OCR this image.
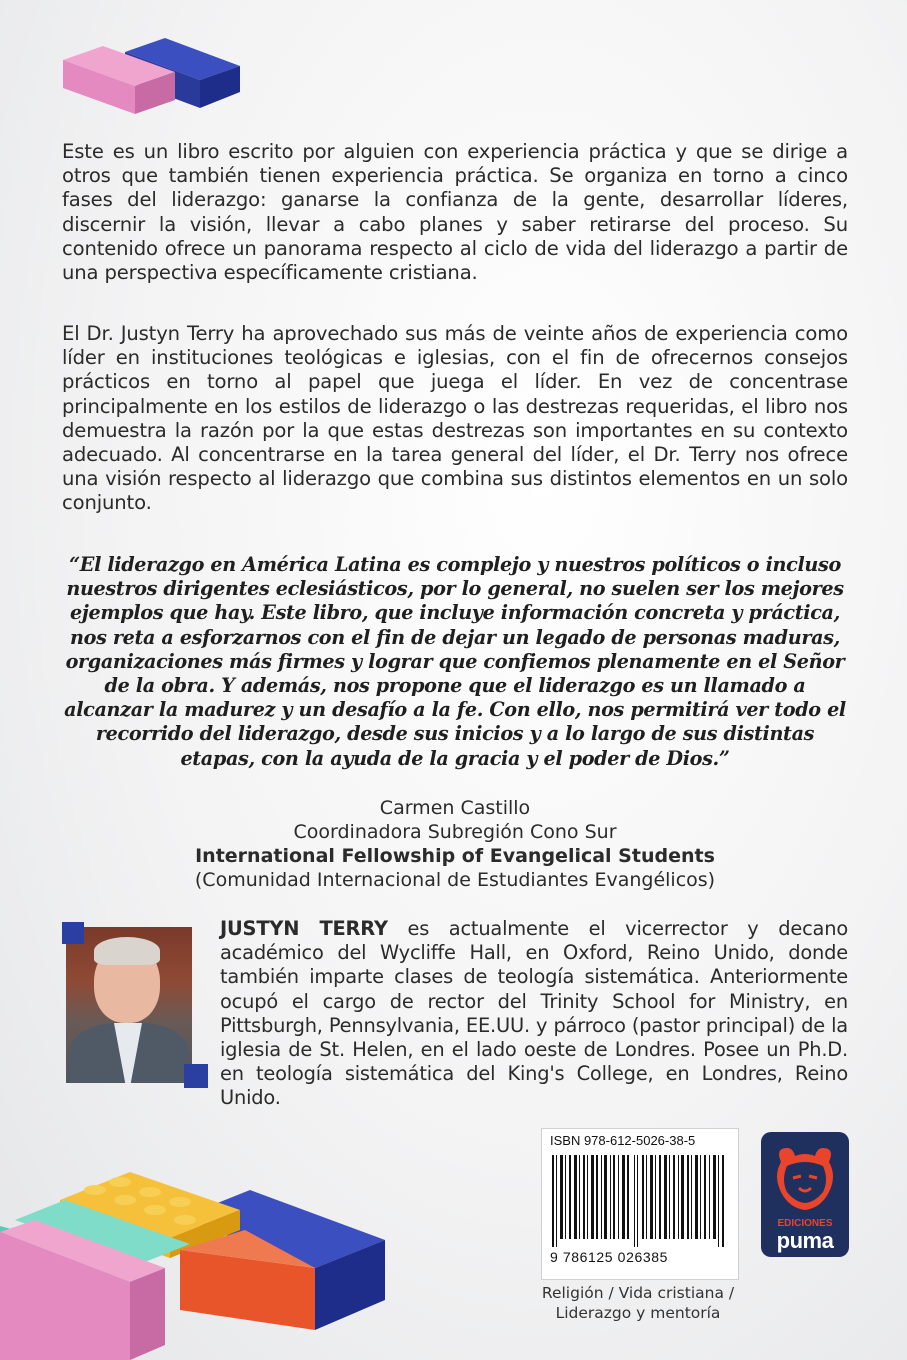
Este es un libro escrito por alguien con experiencia práctica y que se dirige a otros que también tienen experiencia práctica. Se organiza en torno a cinco fases del liderazgo: ganarse la confianza de la gente, desarrollar líderes, discernir la visión, llevar a cabo planes y saber retirarse del proceso. Su contenido ofrece un panorama respecto al ciclo de vida del liderazgo a partir de una perspectiva específicamente cristiana.

El Dr. Justyn Terry ha aprovechado sus más de veinte años de experiencia como líder en instituciones teológicas e iglesias, con el fin de ofrecernos consejos prácticos en torno al papel que juega el líder. En vez de concentrase principalmente en los estilos de liderazgo o las destrezas requeridas, el libro nos demuestra la razón por la que estas destrezas son importantes en su contexto adecuado. Al concentrarse en la tarea general del líder, el Dr. Terry nos ofrece una visión respecto al liderazgo que combina sus distintos elementos en un solo conjunto.

“El liderazgo en América Latina es complejo y nuestros políticos o incluso nuestros dirigentes eclesiásticos, por lo general, no suelen ser los mejores ejemplos que hay. Este libro, que incluye información concreta y práctica, nos reta a esforzarnos con el fin de dejar un legado de personas maduras, organizaciones más firmes y lograr que confiemos plenamente en el Señor de la obra. Y además, nos propone que el liderazgo es un llamado a alcanzar la madurez y un desafío a la fe. Con ello, nos permitirá ver todo el recorrido del liderazgo, desde sus inicios y a lo largo de sus distintas etapas, con la ayuda de la gracia y el poder de Dios.”

Carmen Castillo
Coordinadora Subregión Cono Sur
International Fellowship of Evangelical Students
(Comunidad Internacional de Estudiantes Evangélicos)

JUSTYN TERRY es actualmente el vicerrector y decano académico del Wycliffe Hall, en Oxford, Reino Unido, donde también imparte clases de teología sistemática. Anteriormente ocupó el cargo de rector del Trinity School for Ministry, en Pittsburgh, Pennsylvania, EE.UU. y párroco (pastor principal) de la iglesia de St. Helen, en el lado oeste de Londres. Posee un Ph.D. en teología sistemática del King's College, en Londres, Reino Unido.

ISBN 978-612-5026-38-5
9 786125 026385
Religión / Vida cristiana /
Liderazgo y mentoría
EDICIONES
puma
